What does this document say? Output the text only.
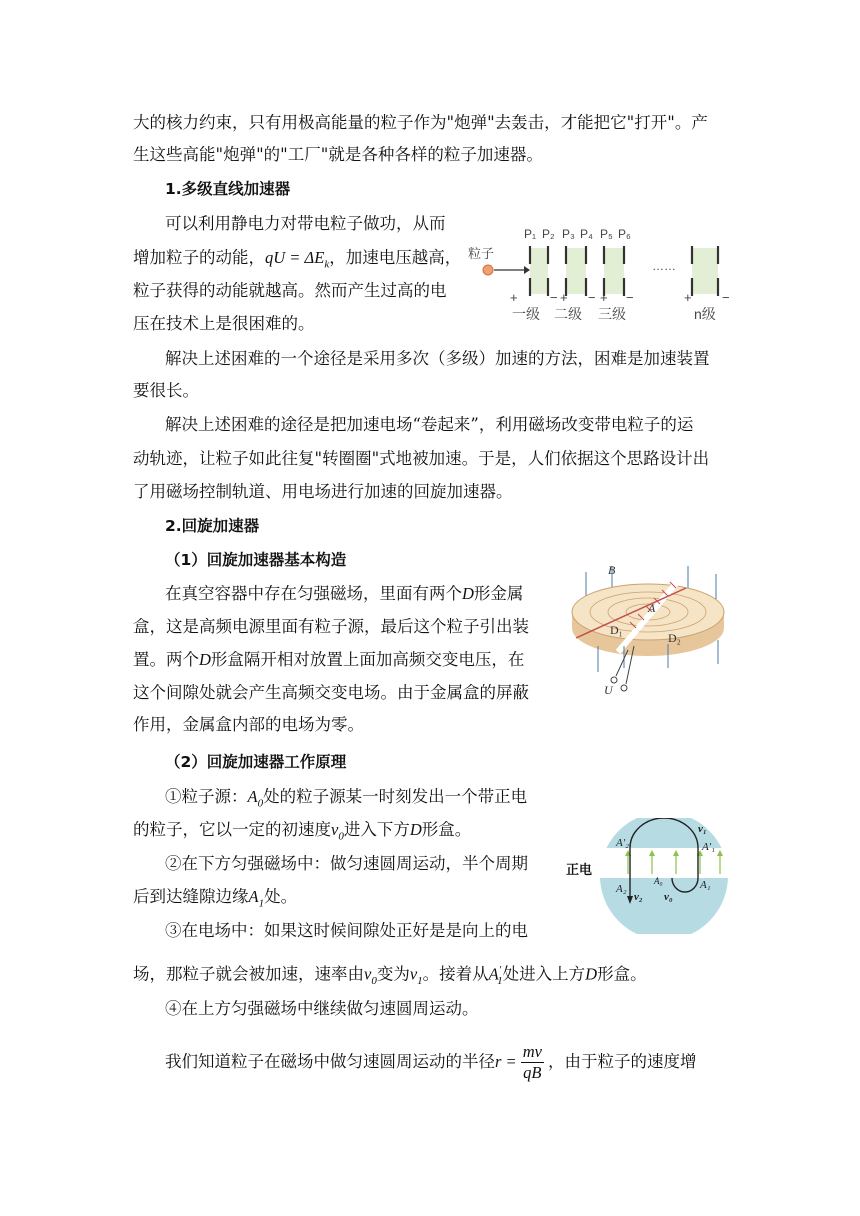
大的核力约束，只有用极高能量的粒子作为"炮弹"去轰击，才能把它"打开"。产
生这些高能"炮弹"的"工厂"就是各种各样的粒子加速器。
1.多级直线加速器
可以利用静电力对带电粒子做功，从而
增加粒子的动能，qU = $\Delta E_k$，加速电压越高，
粒子获得的动能就越高。然而产生过高的电
压在技术上是很困难的。
粒子
P₁ P₂ P₃ P₄ P₅ P₆
……
+ − + − + −	+ −
一级 二级 三级	n级
解决上述困难的一个途径是采用多次（多级）加速的方法，困难是加速装置
要很长。
解决上述困难的途径是把加速电场“卷起来”，利用磁场改变带电粒子的运
动轨迹，让粒子如此往复"转圈圈"式地被加速。于是，人们依据这个思路设计出
了用磁场控制轨道、用电场进行加速的回旋加速器。
2.回旋加速器
（1）回旋加速器基本构造
在真空容器中存在匀强磁场，里面有两个D形金属
盒，这是高频电源里面有粒子源，最后这个粒子引出装
置。两个D形盒隔开相对放置上面加高频交变电压，在
这个间隙处就会产生高频交变电场。由于金属盒的屏蔽
作用，金属盒内部的电场为零。
B
A
D₁
D₂
U
（2）回旋加速器工作原理
①粒子源：$A_0$处的粒子源某一时刻发出一个带正电
的粒子，它以一定的初速度$v_0$进入下方D形盒。
②在下方匀强磁场中：做匀速圆周运动，半个周期
后到达缝隙边缘$A_1$处。
③在电场中：如果这时候间隙处正好是是向上的电
场，那粒子就会被加速，速率由$v_0$变为$v_1$。接着从$A'_1$处进入上方D形盒。
④在上方匀强磁场中继续做匀速圆周运动。
我们知道粒子在磁场中做匀速圆周运动的半径$r = \frac{mv}{qB}$ ，由于粒子的速度增
正电
A′₂	A′₁
v₁
A₂
A₀	A₁
v₂ v₀
